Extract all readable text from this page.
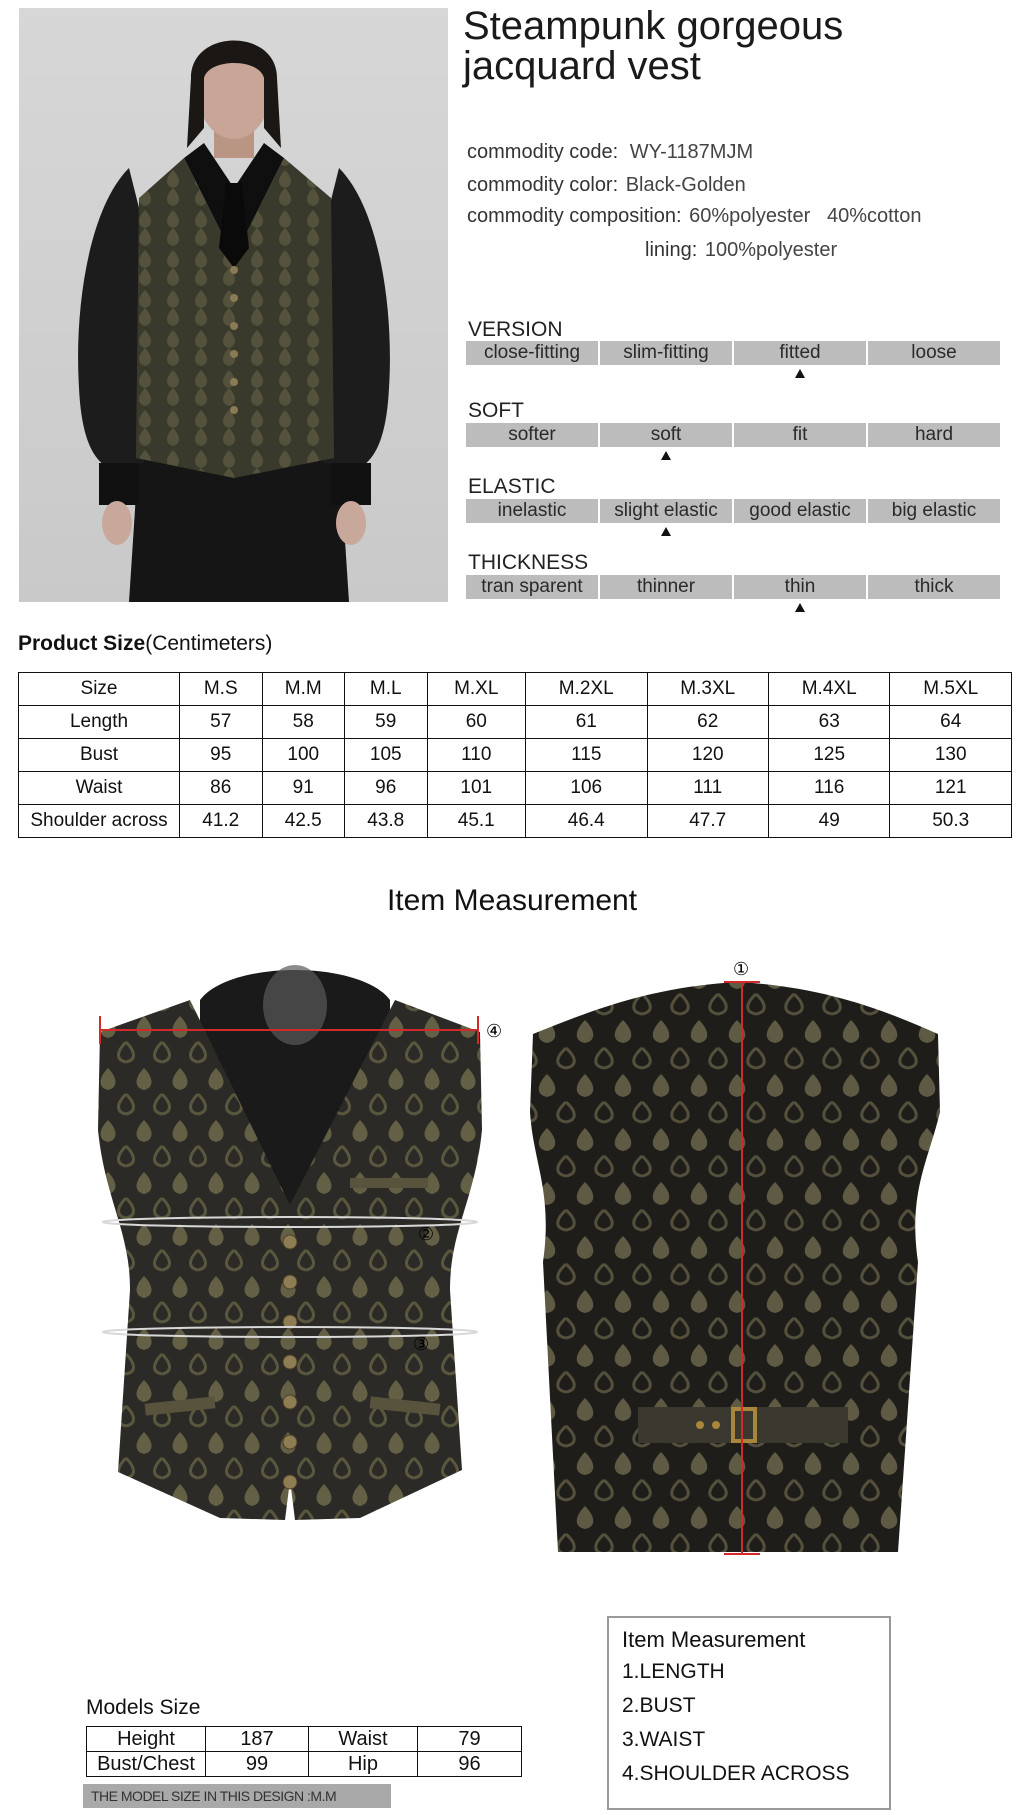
Steampunk gorgeous
jacquard vest
commodity code: WY-1187MJM
commodity color: Black-Golden
commodity composition: 60%polyester   40%cotton
lining: 100%polyester
VERSION
close-fitting	slim-fitting	fitted	loose
SOFT
softer	soft	fit	hard
ELASTIC
inelastic	slight elastic	good elastic	big elastic
THICKNESS
tran sparent	thinner	thin	thick
Product Size(Centimeters)
Size	M.S	M.M	M.L	M.XL	M.2XL	M.3XL	M.4XL	M.5XL
Length	57	58	59	60	61	62	63	64
Bust	95	100	105	110	115	120	125	130
Waist	86	91	96	101	106	111	116	121
Shoulder across	41.2	42.5	43.8	45.1	46.4	47.7	49	50.3
Item Measurement
④
②
③
①
Item Measurement
1.LENGTH
2.BUST
3.WAIST
4.SHOULDER ACROSS
Models Size
Height	187	Waist	79
Bust/Chest	99	Hip	96
THE MODEL SIZE IN THIS DESIGN :M.M
